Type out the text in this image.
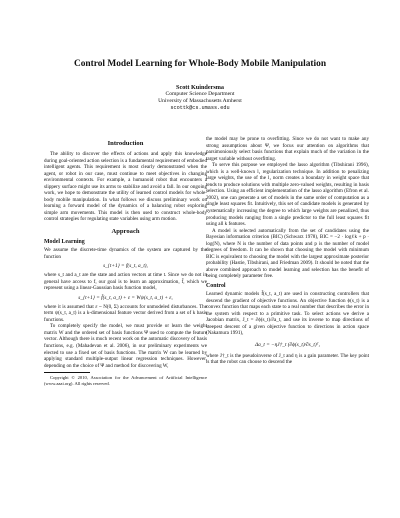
Control Model Learning for Whole-Body Mobile Manipulation
Scott Kuindersma
Computer Science Department
University of Massachusetts Amherst
scottk@cs.umass.edu
Introduction

The ability to discover the effects of actions and apply this knowledge during goal-oriented action selection is a fundamental requirement of embodied intelligent agents. This requirement is most clearly demonstrated when the agent, or robot in our case, must continue to meet objectives in changing environmental contexts. For example, a humanoid robot that encounters a slippery surface might use its arms to stabilize and avoid a fall. In our ongoing work, we hope to demonstrate the utility of learned control models for whole-body mobile manipulation. In what follows we discuss preliminary work on learning a forward model of the dynamics of a balancing robot exploring simple arm movements. This model is then used to construct whole-body control strategies for regulating state variables using arm motion.

Approach
Model Learning

We assume the discrete-time dynamics of the system are captured by the function

s_{t+1} = f(s_t, a_t),

where s_t and a_t are the state and action vectors at time t. Since we do not in general have access to f, our goal is to learn an approximation, f̂, which we represent using a linear-Gaussian basis function model,

s_{t+1} = f̂(s_t, a_t) + ε = Wψ(s_t, a_t) + ε,

where it is assumed that ε ~ N(0, Σ) accounts for unmodeled disturbances. The term ψ(s_t, a_t) is a k-dimensional feature vector derived from a set of k basis functions.

To completely specify the model, we must provide or learn the weight matrix W and the ordered set of basis functions Ψ used to compute the feature vector. Although there is much recent work on the automatic discovery of basis functions, e.g. (Mahadevan et al. 2006), in our preliminary experiments we elected to use a fixed set of basis functions. The matrix W can be learned by applying standard multiple-output linear regression techniques. However, depending on the choice of Ψ and method for discovering W,

Copyright © 2010, Association for the Advancement of Artificial Intelligence (www.aaai.org). All rights reserved.

the model may be prone to overfitting. Since we do not want to make any strong assumptions about Ψ, we focus our attention on algorithms that parsimoniously select basis functions that explain much of the variation in the target variable without overfitting.

To serve this purpose we employed the lasso algorithm (Tibshirani 1996), which is a well-known l₁ regularization technique. In addition to penalizing large weights, the use of the l₁ norm creates a boundary in weight space that tends to produce solutions with multiple zero-valued weights, resulting in basis selection. Using an efficient implementation of the lasso algorithm (Efron et al. 2002), one can generate a set of models in the same order of computation as a single least squares fit. Intuitively, this set of candidate models is generated by systematically increasing the degree to which large weights are penalized, thus producing models ranging from a single predictor to the full least squares fit using all k features.

A model is selected automatically from the set of candidates using the Bayesian information criterion (BIC) (Schwarz 1978), BIC = −2 · logℓk + p · log(N), where N is the number of data points and p is the number of model degrees of freedom. It can be shown that choosing the model with minimum BIC is equivalent to choosing the model with the largest approximate posterior probability (Hastie, Tibshirani, and Friedman 2009). It should be noted that the above combined approach to model learning and selection has the benefit of being completely parameter free.

Control

Learned dynamic models f̂(s_t, a_t) are used in constructing controllers that descend the gradient of objective functions. An objective function ϕ(s_t) is a convex function that maps each state to a real number that describes the error in the system with respect to a primitive task. To select actions we derive a Jacobian matrix, J_t = ∂ϕ(s_t)/∂a_t, and use its inverse to map directions of steepest descent of a given objective function to directions in action space (Nakamura 1991),

Δa_t = −ηJ†_t (∂ϕ(s_t)/∂s_t)ᵀ,

where J†_t is the pseudoinverse of J_t and η is a gain parameter. The key point is that the robot can choose to descend the
